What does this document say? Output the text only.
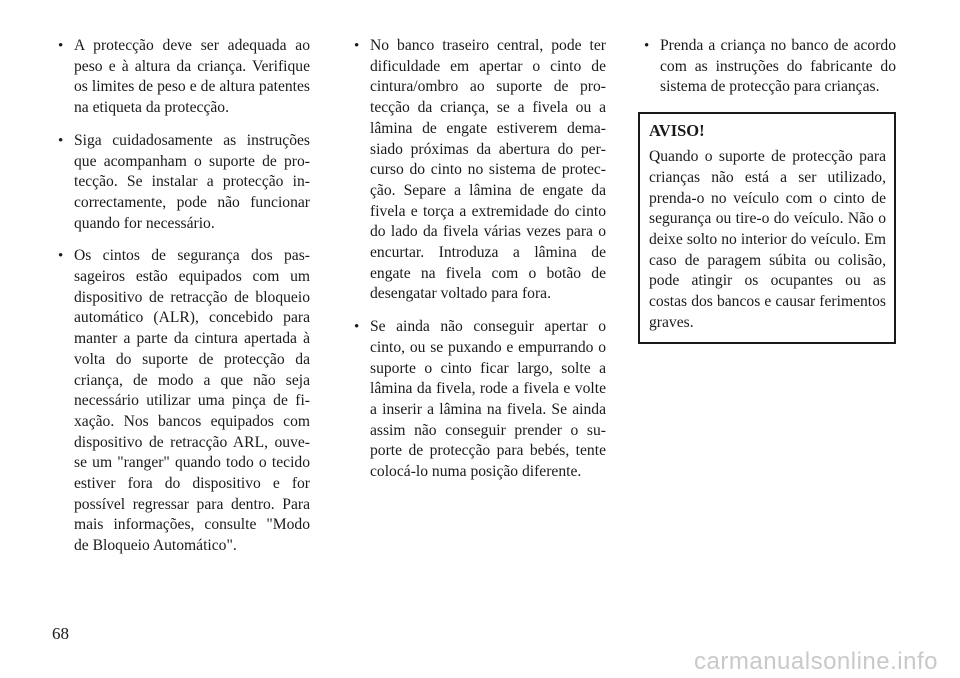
• A protecção deve ser adequada ao peso e à altura da criança. Verifique os limites de peso e de altura patentes na etiqueta da protecção.
• Siga cuidadosamente as instruções que acompanham o suporte de protecção. Se instalar a protecção incorrectamente, pode não funcionar quando for necessário.
• Os cintos de segurança dos passageiros estão equipados com um dispositivo de retracção de bloqueio automático (ALR), concebido para manter a parte da cintura apertada à volta do suporte de protecção da criança, de modo a que não seja necessário utilizar uma pinça de fixação. Nos bancos equipados com dispositivo de retracção ARL, ouve-se um "ranger" quando todo o tecido estiver fora do dispositivo e for possível regressar para dentro. Para mais informações, consulte "Modo de Bloqueio Automático".
• No banco traseiro central, pode ter dificuldade em apertar o cinto de cintura/ombro ao suporte de protecção da criança, se a fivela ou a lâmina de engate estiverem demasiado próximas da abertura do percurso do cinto no sistema de protecção. Separe a lâmina de engate da fivela e torça a extremidade do cinto do lado da fivela várias vezes para o encurtar. Introduza a lâmina de engate na fivela com o botão de desengatar voltado para fora.
• Se ainda não conseguir apertar o cinto, ou se puxando e empurrando o suporte o cinto ficar largo, solte a lâmina da fivela, rode a fivela e volte a inserir a lâmina na fivela. Se ainda assim não conseguir prender o suporte de protecção para bebés, tente colocá-lo numa posição diferente.
• Prenda a criança no banco de acordo com as instruções do fabricante do sistema de protecção para crianças.
AVISO!
Quando o suporte de protecção para crianças não está a ser utilizado, prenda-o no veículo com o cinto de segurança ou tire-o do veículo. Não o deixe solto no interior do veículo. Em caso de paragem súbita ou colisão, pode atingir os ocupantes ou as costas dos bancos e causar ferimentos graves.
68
carmanualsonline.info
